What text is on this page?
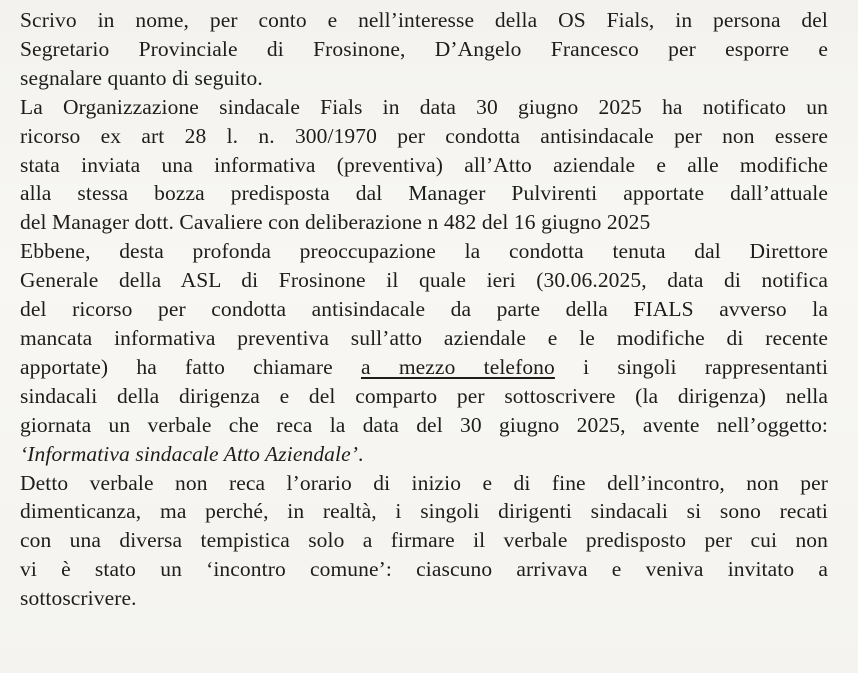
Scrivo in nome, per conto e nell’interesse della OS Fials, in persona del
Segretario Provinciale di Frosinone, D’Angelo Francesco per esporre e
segnalare quanto di seguito.
La Organizzazione sindacale Fials in data 30 giugno 2025 ha notificato un
ricorso ex art 28 l. n. 300/1970 per condotta antisindacale per non essere
stata inviata una informativa (preventiva) all’Atto aziendale e alle modifiche
alla stessa bozza predisposta dal Manager Pulvirenti apportate dall’attuale
del Manager dott. Cavaliere con deliberazione n 482 del 16 giugno 2025
Ebbene, desta profonda preoccupazione la condotta tenuta dal Direttore
Generale della ASL di Frosinone il quale ieri (30.06.2025, data di notifica
del ricorso per condotta antisindacale da parte della FIALS avverso la
mancata informativa preventiva sull’atto aziendale e le modifiche di recente
apportate) ha fatto chiamare a mezzo telefono i singoli rappresentanti
sindacali della dirigenza e del comparto per sottoscrivere (la dirigenza) nella
giornata un verbale che reca la data del 30 giugno 2025, avente nell’oggetto:
‘Informativa sindacale Atto Aziendale’.
Detto verbale non reca l’orario di inizio e di fine dell’incontro, non per
dimenticanza, ma perché, in realtà, i singoli dirigenti sindacali si sono recati
con una diversa tempistica solo a firmare il verbale predisposto per cui non
vi è stato un ‘incontro comune’: ciascuno arrivava e veniva invitato a
sottoscrivere.
